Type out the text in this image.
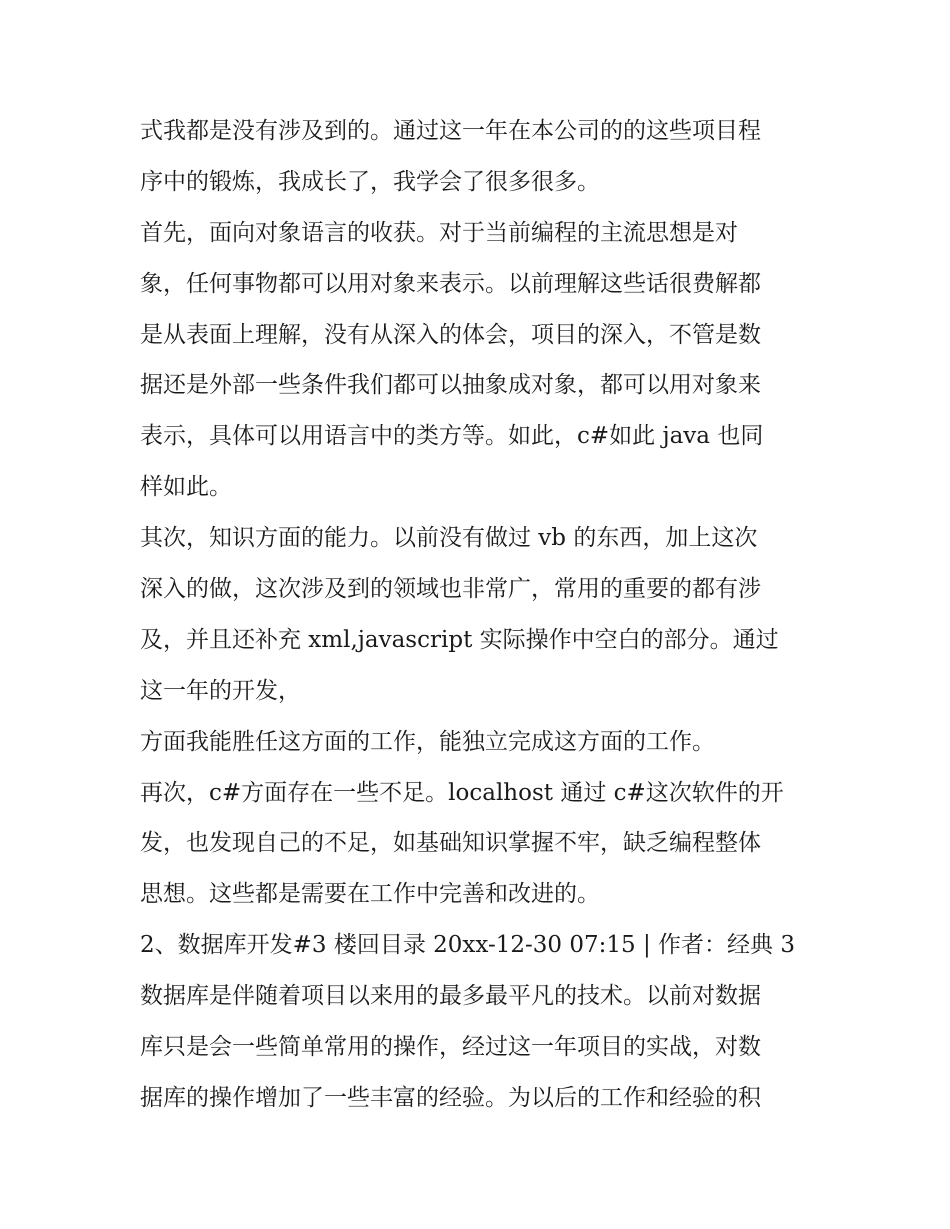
式我都是没有涉及到的。通过这一年在本公司的的这些项目程
序中的锻炼，我成长了，我学会了很多很多。
首先，面向对象语言的收获。对于当前编程的主流思想是对
象，任何事物都可以用对象来表示。以前理解这些话很费解都
是从表面上理解，没有从深入的体会，项目的深入，不管是数
据还是外部一些条件我们都可以抽象成对象，都可以用对象来
表示，具体可以用语言中的类方等。如此，c#如此 java 也同
样如此。
其次，知识方面的能力。以前没有做过 vb 的东西，加上这次
深入的做，这次涉及到的领域也非常广，常用的重要的都有涉
及，并且还补充 xml,javascript 实际操作中空白的部分。通过
这一年的开发，
方面我能胜任这方面的工作，能独立完成这方面的工作。
再次，c#方面存在一些不足。localhost 通过 c#这次软件的开
发，也发现自己的不足，如基础知识掌握不牢，缺乏编程整体
思想。这些都是需要在工作中完善和改进的。
2、数据库开发#3 楼回目录 20xx-12-30 07:15 | 作者：经典 3
数据库是伴随着项目以来用的最多最平凡的技术。以前对数据
库只是会一些简单常用的操作，经过这一年项目的实战，对数
据库的操作增加了一些丰富的经验。为以后的工作和经验的积
